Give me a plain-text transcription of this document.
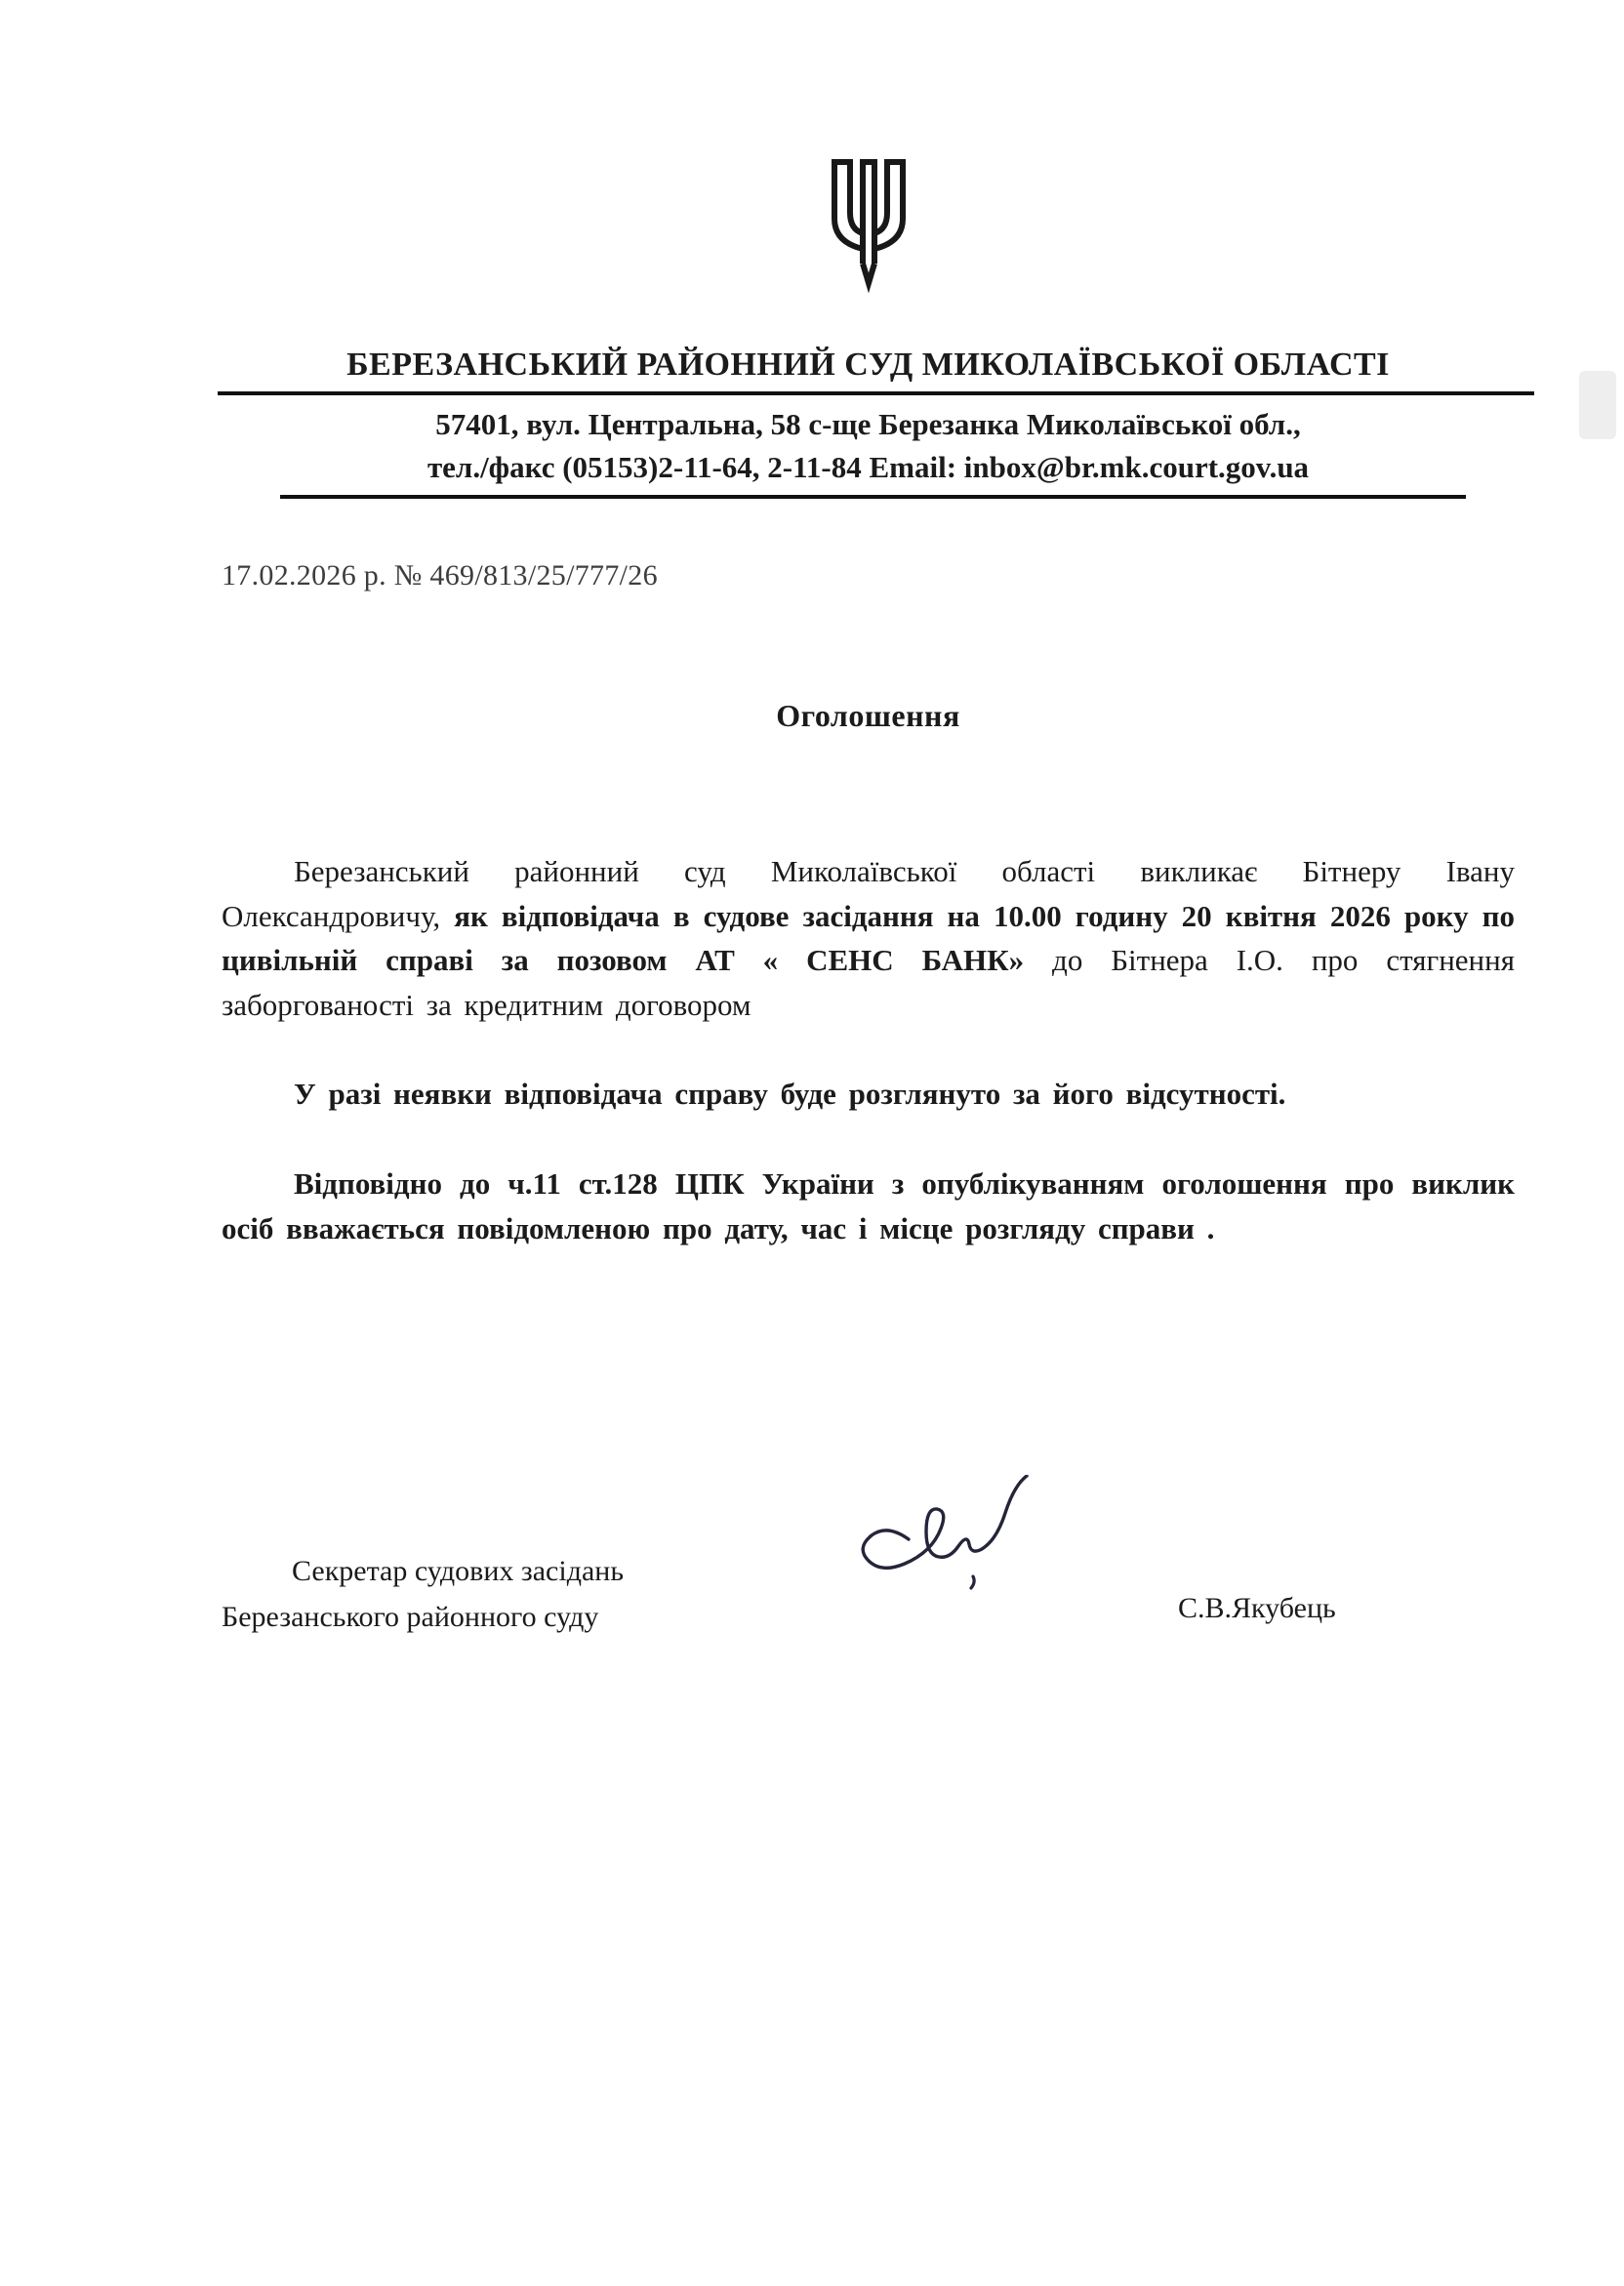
БЕРЕЗАНСЬКИЙ РАЙОННИЙ СУД МИКОЛАЇВСЬКОЇ ОБЛАСТІ
57401, вул. Центральна, 58 с-ще Березанка Миколаївської обл.,
тел./факс (05153)2-11-64, 2-11-84 Email: inbox@br.mk.court.gov.ua
17.02.2026 р. № 469/813/25/777/26
Оголошення

Березанський районний суд Миколаївської області викликає Бітнеру Івану Олександровичу, як відповідача в судове засідання на 10.00 годину 20 квітня 2026 року по цивільній справі за позовом АТ « СЕНС БАНК» до Бітнера І.О. про стягнення заборгованості за кредитним договором

У разі неявки відповідача справу буде розглянуто за його відсутності.

Відповідно до ч.11 ст.128 ЦПК України з опублікуванням оголошення про виклик осіб вважається повідомленою про дату, час і місце розгляду справи .

Секретар судових засідань
Березанського районного суду	С.В.Якубець
